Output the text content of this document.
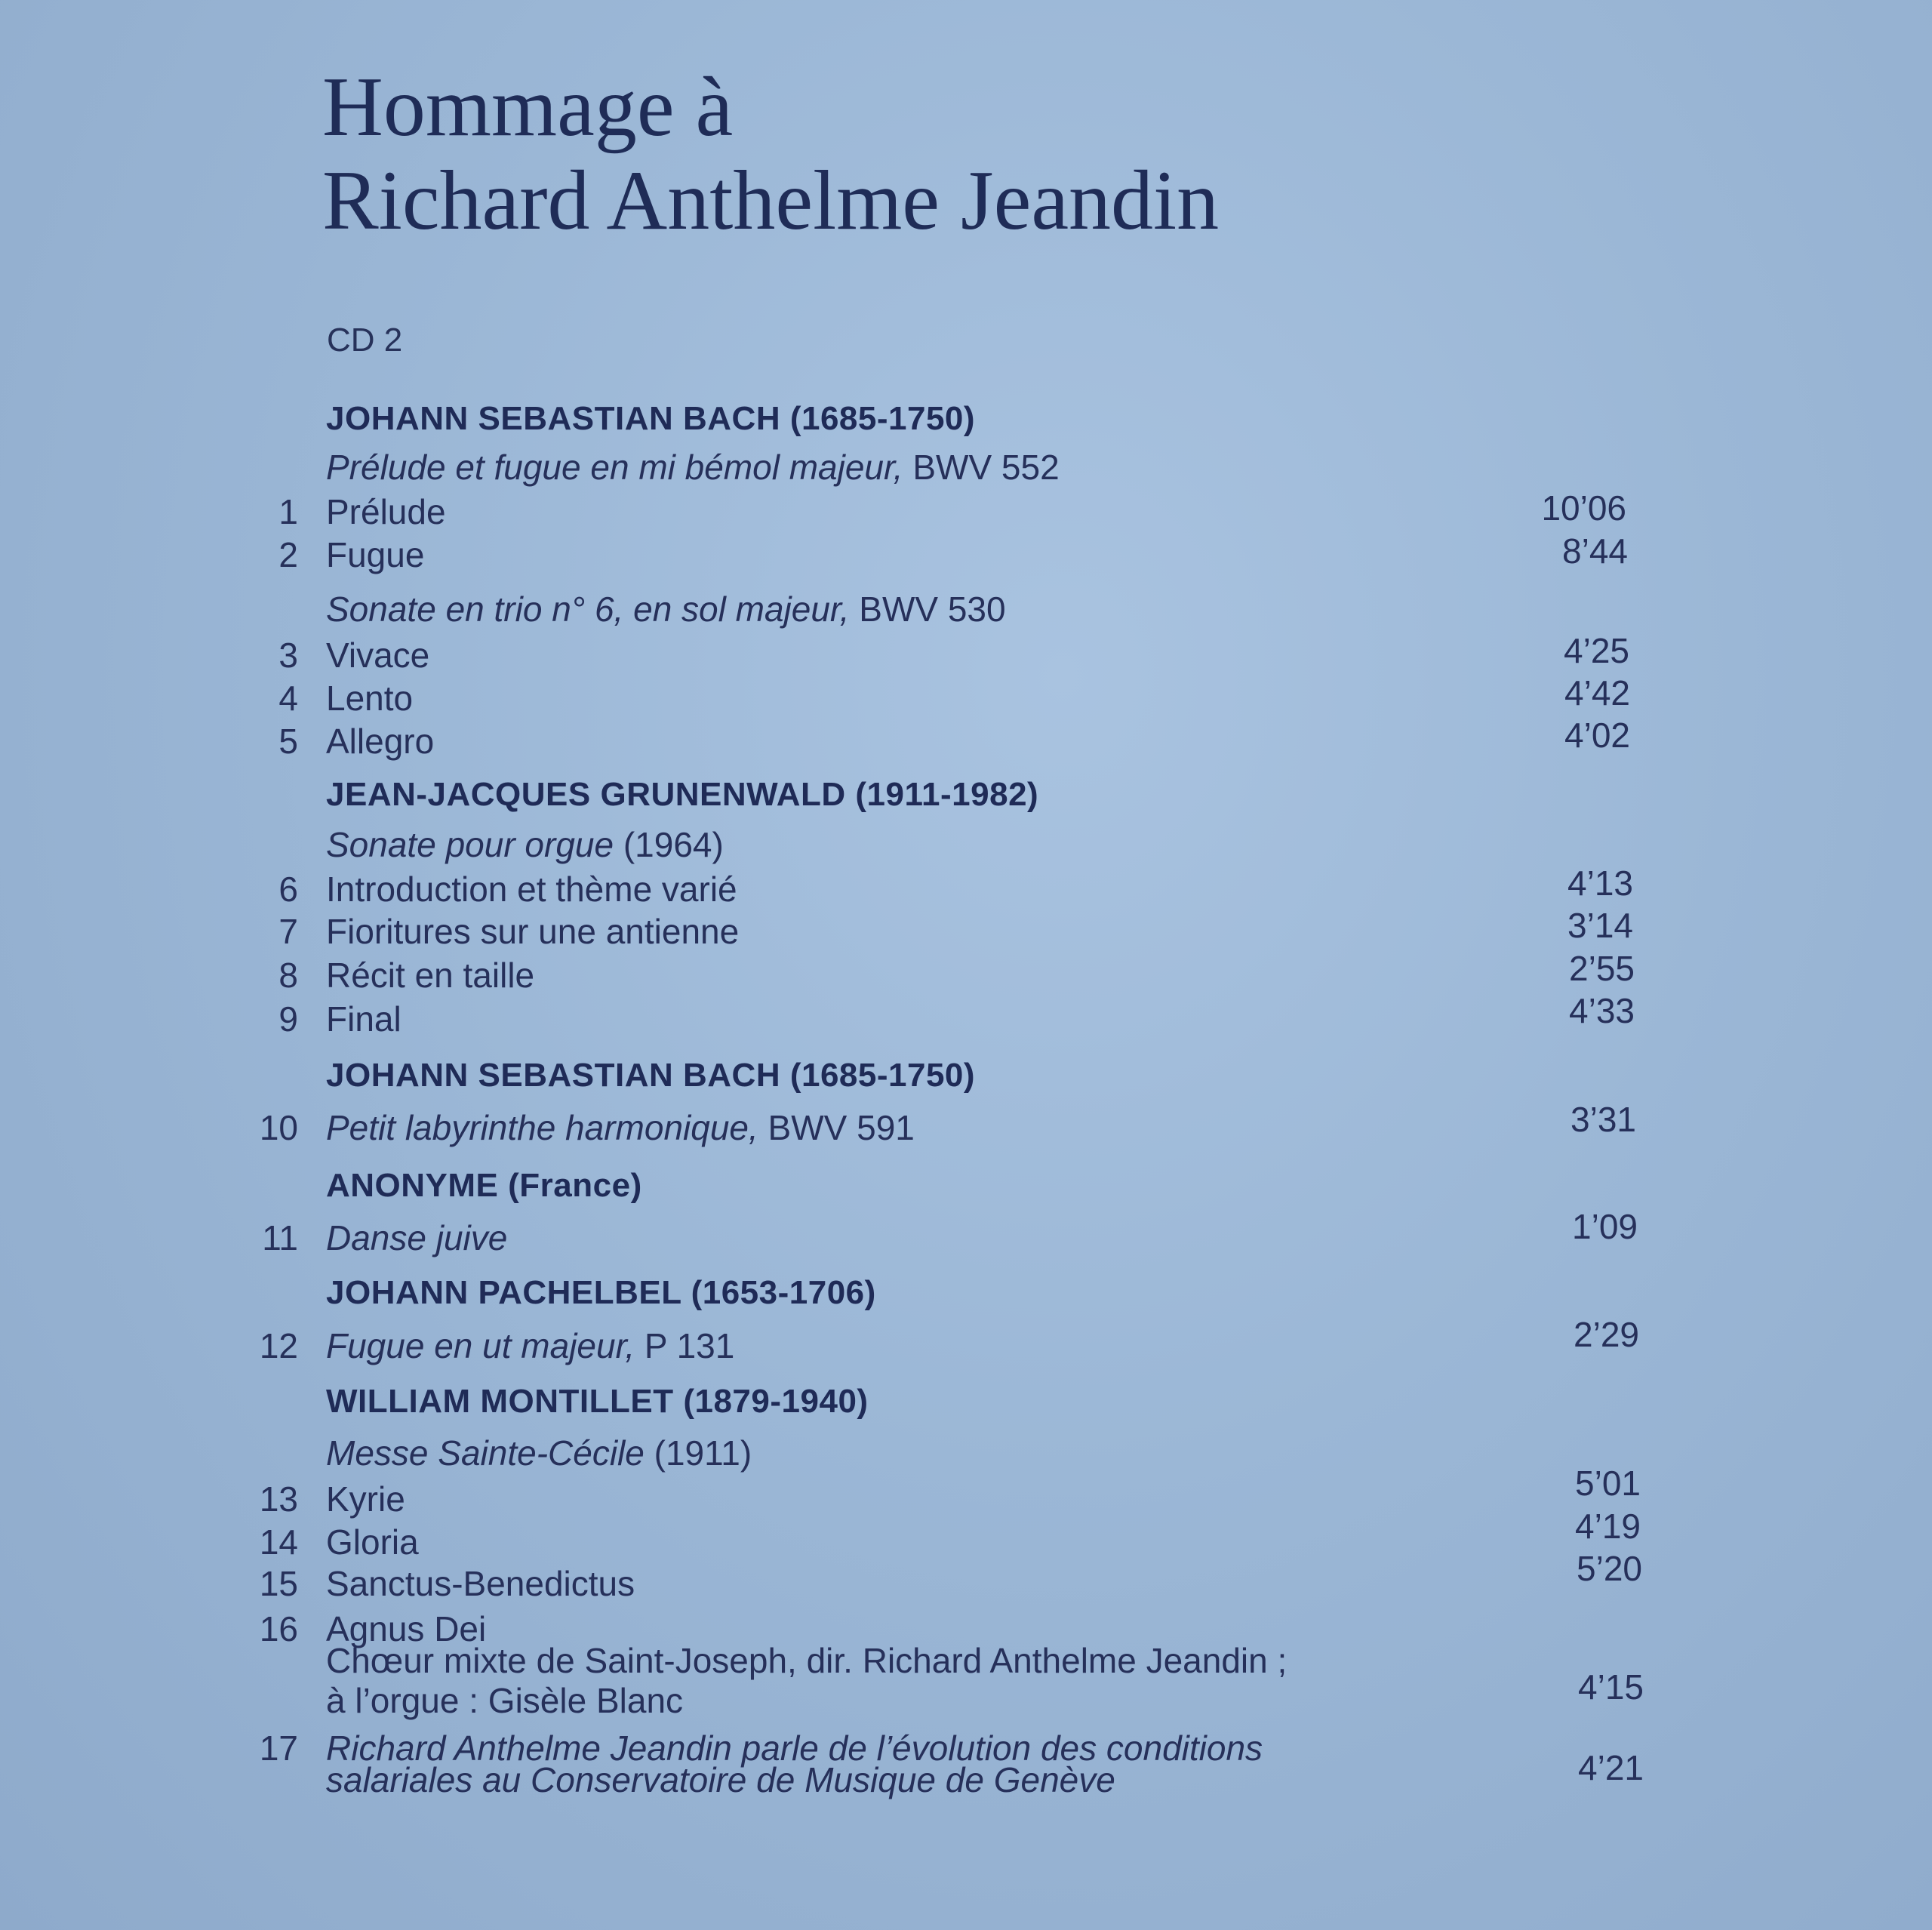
Hommage à
Richard Anthelme Jeandin
CD 2
JOHANN SEBASTIAN BACH (1685-1750)
Prélude et fugue en mi bémol majeur, BWV 552
1 Prélude	10’06
2 Fugue	8’44
Sonate en trio n° 6, en sol majeur, BWV 530
3 Vivace	4’25
4 Lento	4’42
5 Allegro	4’02
JEAN-JACQUES GRUNENWALD (1911-1982)
Sonate pour orgue (1964)
6 Introduction et thème varié	4’13
7 Fioritures sur une antienne	3’14
8 Récit en taille	2’55
9 Final	4’33
JOHANN SEBASTIAN BACH (1685-1750)
10 Petit labyrinthe harmonique, BWV 591	3’31
ANONYME (France)
11 Danse juive	1’09
JOHANN PACHELBEL (1653-1706)
12 Fugue en ut majeur, P 131	2’29
WILLIAM MONTILLET (1879-1940)
Messe Sainte-Cécile (1911)
13 Kyrie	5’01
14 Gloria	4’19
15 Sanctus-Benedictus	5’20
16 Agnus Dei
Chœur mixte de Saint-Joseph, dir. Richard Anthelme Jeandin ;
à l’orgue : Gisèle Blanc	4’15
17 Richard Anthelme Jeandin parle de l’évolution des conditions
salariales au Conservatoire de Musique de Genève	4’21
